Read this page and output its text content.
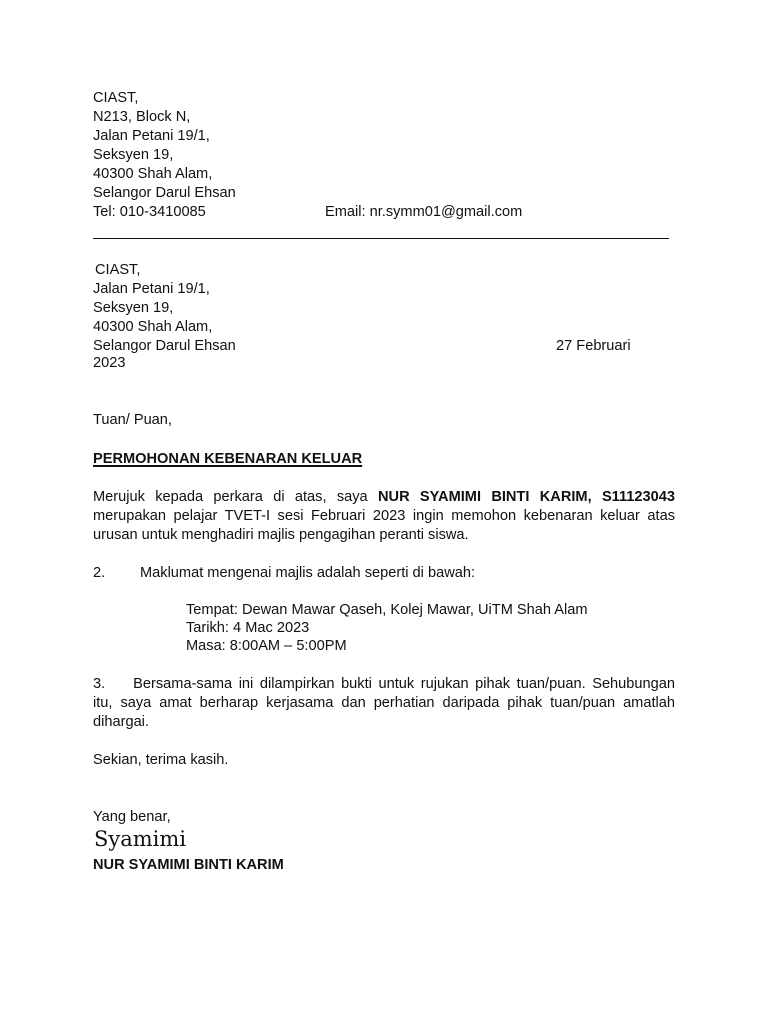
CIAST,
N213, Block N,
Jalan Petani 19/1,
Seksyen 19,
40300 Shah Alam,
Selangor Darul Ehsan
Tel: 010-3410085	Email: nr.symm01@gmail.com
CIAST,
Jalan Petani 19/1,
Seksyen 19,
40300 Shah Alam,
Selangor Darul Ehsan	27 Februari
2023
Tuan/ Puan,
PERMOHONAN KEBENARAN KELUAR
Merujuk kepada perkara di atas, saya NUR SYAMIMI BINTI KARIM, S11123043 merupakan pelajar TVET-I sesi Februari 2023 ingin memohon kebenaran keluar atas urusan untuk menghadiri majlis pengagihan peranti siswa.
2. Maklumat mengenai majlis adalah seperti di bawah:
Tempat: Dewan Mawar Qaseh, Kolej Mawar, UiTM Shah Alam
Tarikh: 4 Mac 2023
Masa: 8:00AM – 5:00PM
3. Bersama-sama ini dilampirkan bukti untuk rujukan pihak tuan/puan. Sehubungan itu, saya amat berharap kerjasama dan perhatian daripada pihak tuan/puan amatlah dihargai.
Sekian, terima kasih.
Yang benar,
Syamimi
NUR SYAMIMI BINTI KARIM
